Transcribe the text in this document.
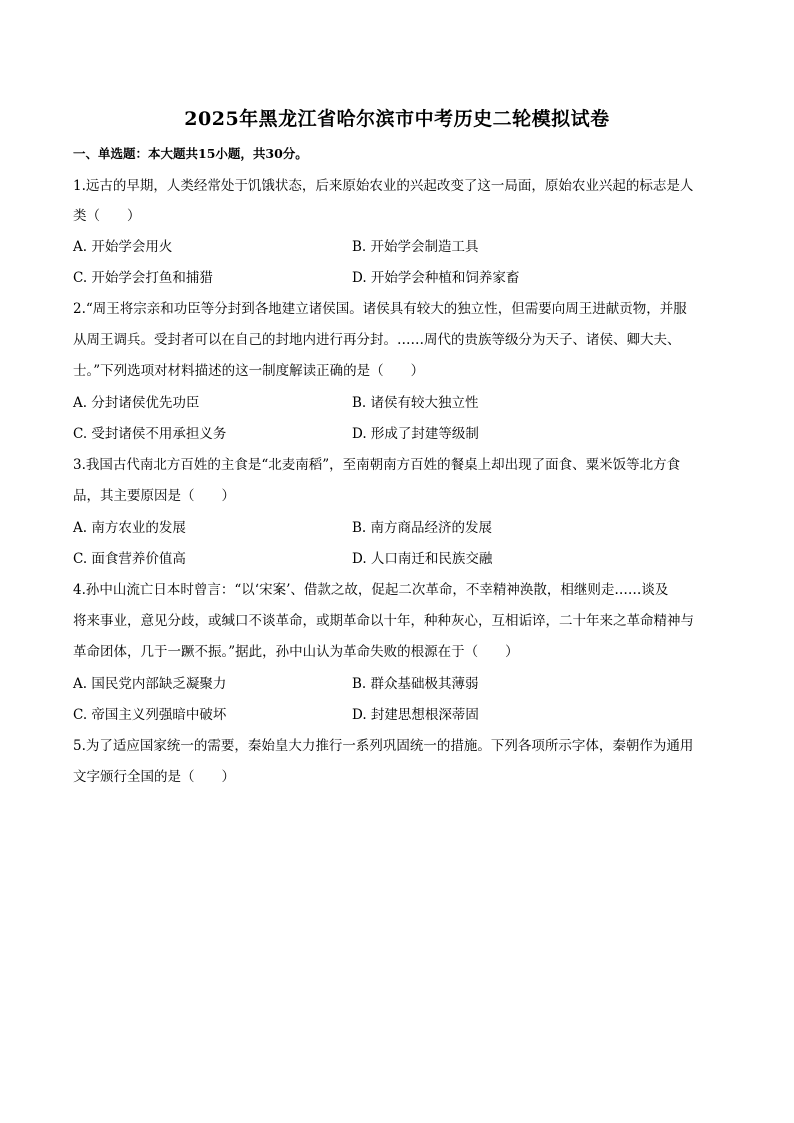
2025年黑龙江省哈尔滨市中考历史二轮模拟试卷
一、单选题：本大题共15小题，共30分。
1.远古的早期，人类经常处于饥饿状态，后来原始农业的兴起改变了这一局面，原始农业兴起的标志是人
类（　　）
A. 开始学会用火	B. 开始学会制造工具
C. 开始学会打鱼和捕猎	D. 开始学会种植和饲养家畜
2.“周王将宗亲和功臣等分封到各地建立诸侯国。诸侯具有较大的独立性，但需要向周王进献贡物，并服
从周王调兵。受封者可以在自己的封地内进行再分封。……周代的贵族等级分为天子、诸侯、卿大夫、
士。”下列选项对材料描述的这一制度解读正确的是（　　）
A. 分封诸侯优先功臣	B. 诸侯有较大独立性
C. 受封诸侯不用承担义务	D. 形成了封建等级制
3.我国古代南北方百姓的主食是“北麦南稻”，至南朝南方百姓的餐桌上却出现了面食、粟米饭等北方食
品，其主要原因是（　　）
A. 南方农业的发展	B. 南方商品经济的发展
C. 面食营养价值高	D. 人口南迁和民族交融
4.孙中山流亡日本时曾言：“以‘宋案’、借款之故，促起二次革命，不幸精神涣散，相继则走……谈及
将来事业，意见分歧，或缄口不谈革命，或期革命以十年，种种灰心，互相诟谇，二十年来之革命精神与
革命团体，几于一蹶不振。”据此，孙中山认为革命失败的根源在于（　　）
A. 国民党内部缺乏凝聚力	B. 群众基础极其薄弱
C. 帝国主义列强暗中破坏	D. 封建思想根深蒂固
5.为了适应国家统一的需要，秦始皇大力推行一系列巩固统一的措施。下列各项所示字体，秦朝作为通用
文字颁行全国的是（　　）
